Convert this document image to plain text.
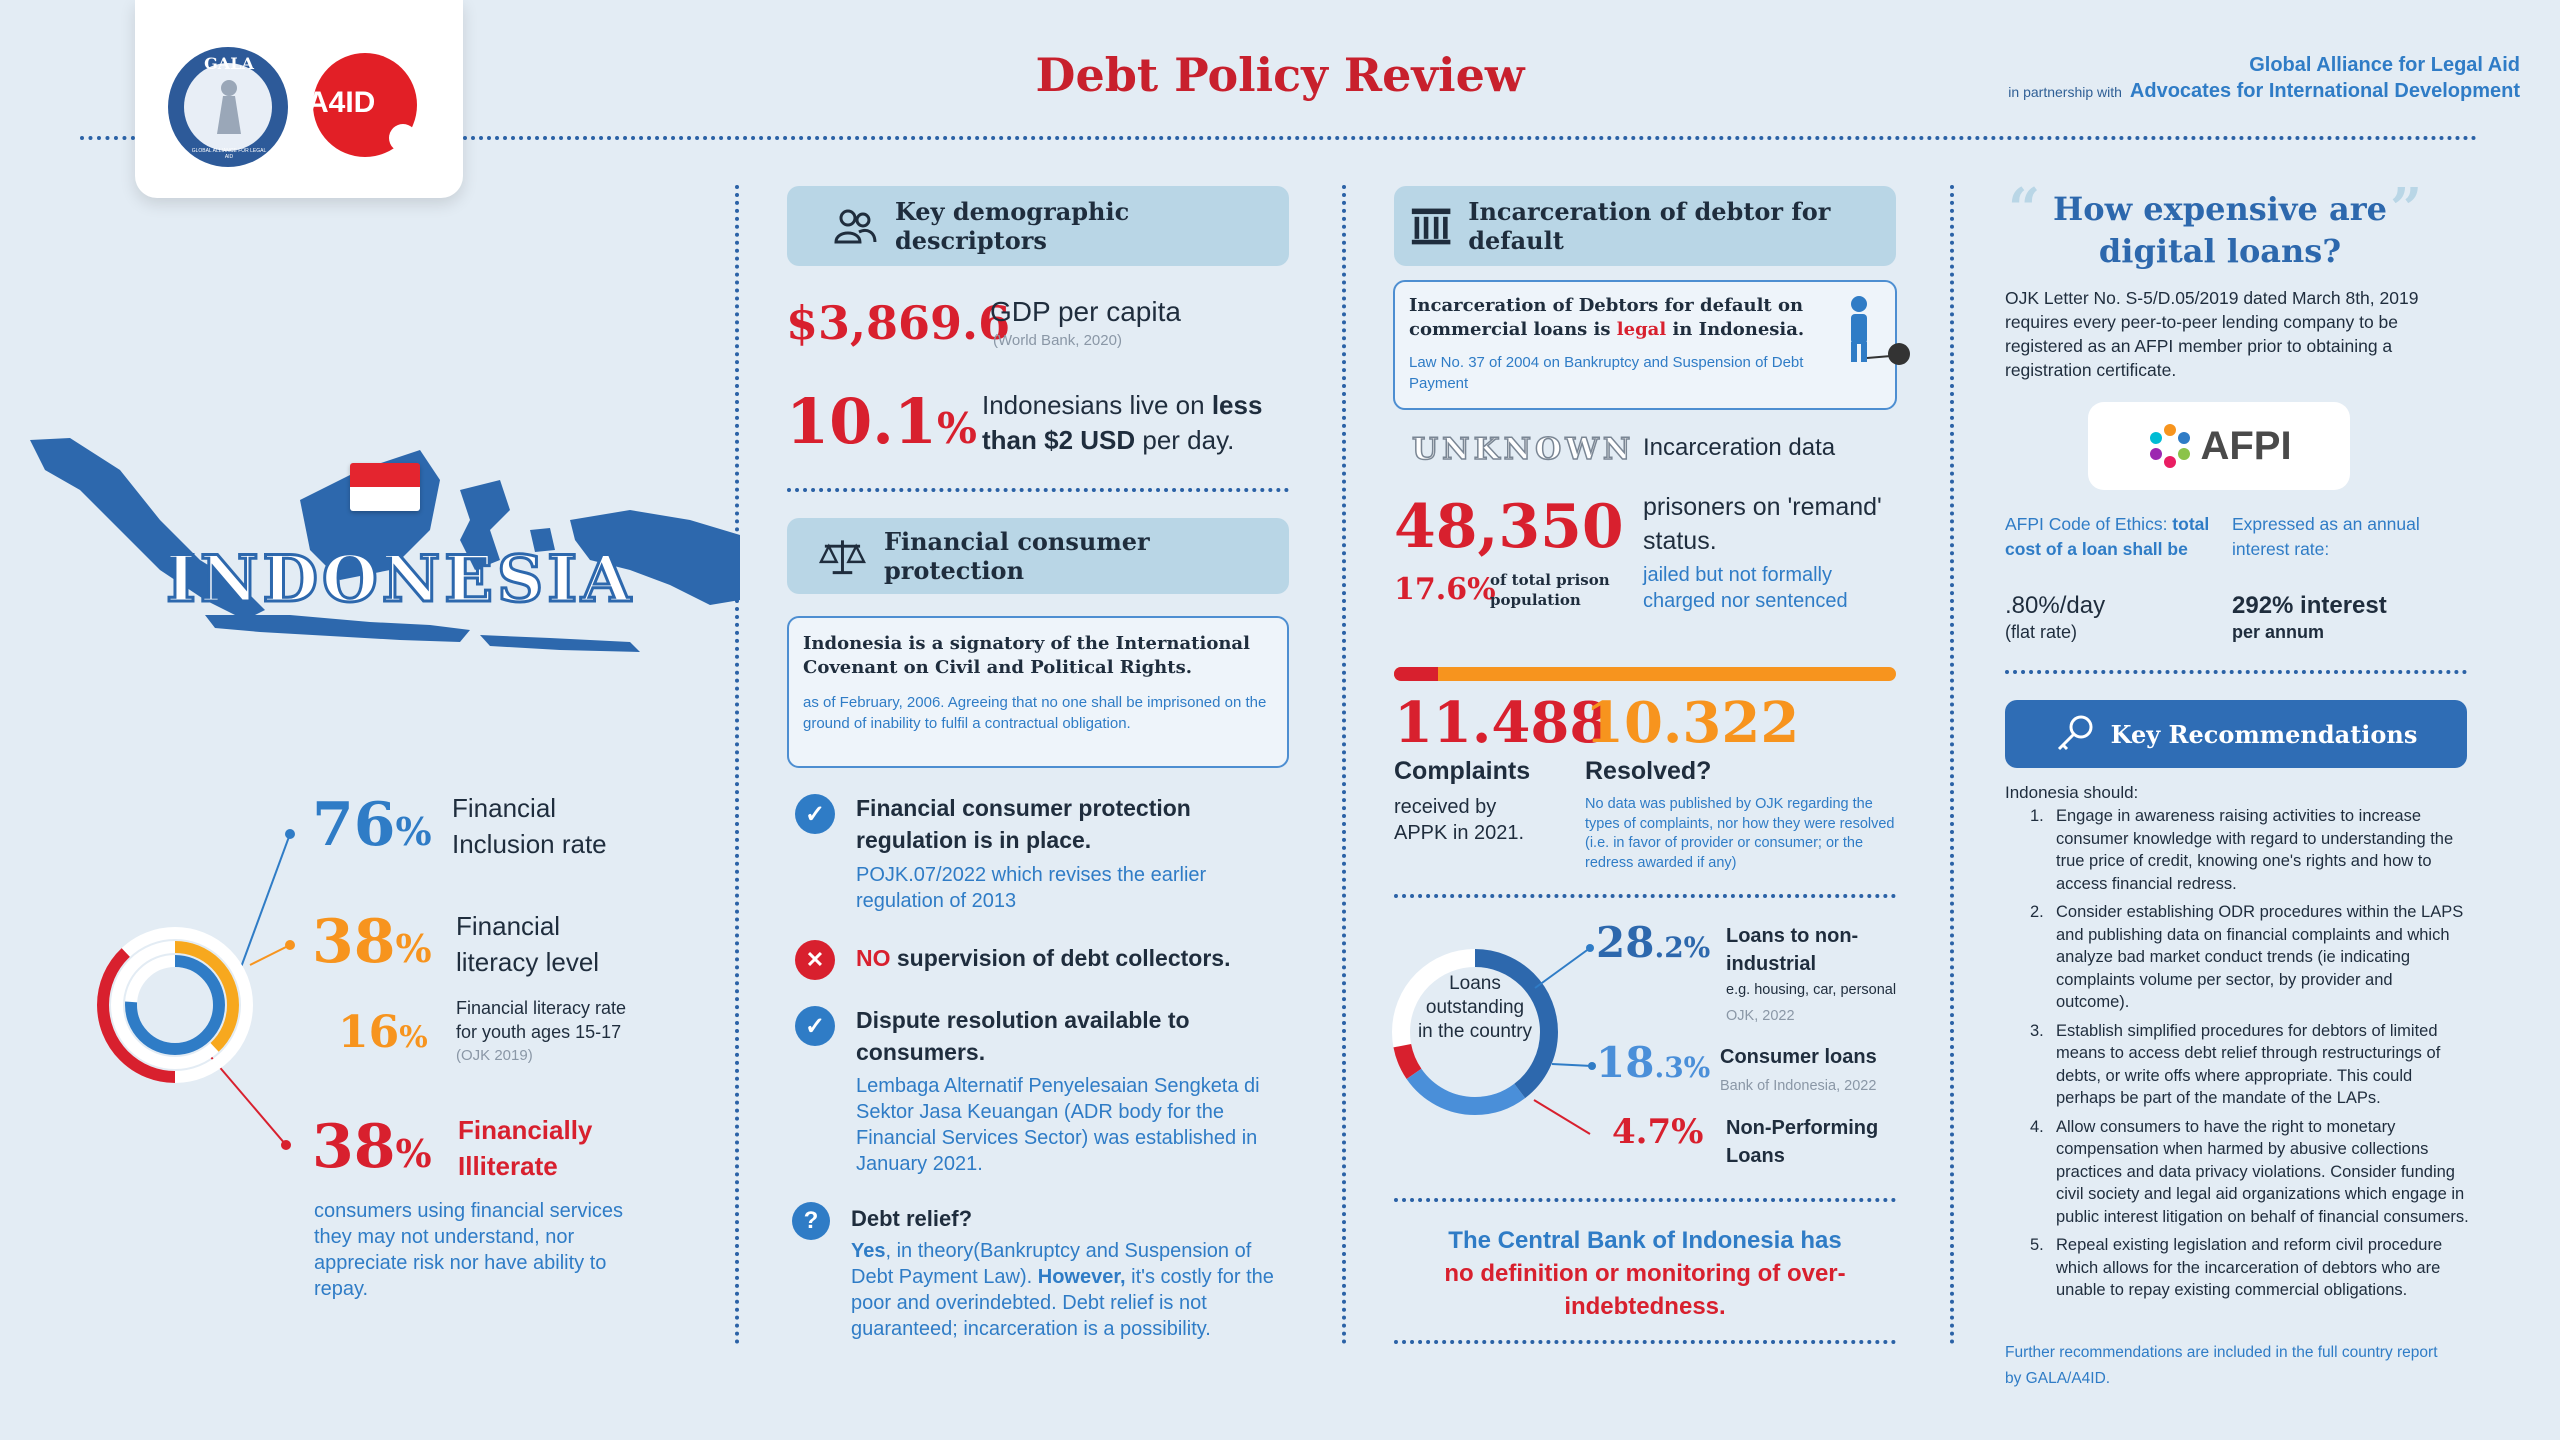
GALA
GLOBAL ALLIANCE FOR LEGAL AID
A4ID
Debt Policy Review	Global Alliance for Legal Aid
in partnership with Advocates for International Development
INDONESIA
76%
Financial
Inclusion rate
38% Financial
literacy level
16%
Financial literacy rate
for youth ages 15-17
(OJK 2019)
38%
Financially
Illiterate
consumers using financial services they may not understand, nor appreciate risk nor have ability to repay.
Key demographic descriptors
$3,869.6
GDP per capita
(World Bank, 2020)
10.1% Indonesians live on less
than $2 USD per day.
Financial consumer protection
Indonesia is a signatory of the International Covenant on Civil and Political Rights.
as of February, 2006. Agreeing that no one shall be imprisoned on the ground of inability to fulfil a contractual obligation.
✓	Financial consumer protection regulation is in place.
POJK.07/2022 which revises the earlier regulation of 2013
✕	NO supervision of debt collectors.
✓	Dispute resolution available to consumers.
Lembaga Alternatif Penyelesaian Sengketa di Sektor Jasa Keuangan (ADR body for the Financial Services Sector) was established in January 2021.
?	Debt relief?
Yes, in theory(Bankruptcy and Suspension of Debt Payment Law). However, it's costly for the poor and overindebted. Debt relief is not guaranteed; incarceration is a possibility.
Incarceration of debtor for default
Incarceration of Debtors for default on commercial loans is legal in Indonesia.
Law No. 37 of 2004 on Bankruptcy and Suspension of Debt Payment
UNKNOWN Incarceration data
48,350 prisoners on 'remand' status.
jailed but not formally charged nor sentenced
17.6%
of total prison population
11.488
Complaints
received by APPK in 2021.
10.322
Resolved?
No data was published by OJK regarding the types of complaints, nor how they were resolved (i.e. in favor of provider or consumer; or the redress awarded if any)
Loans outstanding in the country
28.2% Loans to non-industrial
e.g. housing, car, personal
OJK, 2022
18.3% Consumer loans
Bank of Indonesia, 2022
4.7% Non-Performing Loans
The Central Bank of Indonesia has
no definition or monitoring of over-indebtedness.
“	”
How expensive are digital loans?
OJK Letter No. S-5/D.05/2019 dated March 8th, 2019 requires every peer-to-peer lending company to be registered as an AFPI member prior to obtaining a registration certificate.
AFPI
AFPI Code of Ethics: total cost of a loan shall be
.80%/day
(flat rate)
Expressed as an annual interest rate:
292% interest
per annum
Key Recommendations
Indonesia should:
1. Engage in awareness raising activities to increase consumer knowledge with regard to understanding the true price of credit, knowing one's rights and how to access financial redress.
2. Consider establishing ODR procedures within the LAPS and publishing data on financial complaints and which analyze bad market conduct trends (ie indicating complaints volume per sector, by provider and outcome).
3. Establish simplified procedures for debtors of limited means to access debt relief through restructurings of debts, or write offs where appropriate. This could perhaps be part of the mandate of the LAPs.
4. Allow consumers to have the right to monetary compensation when harmed by abusive collections practices and data privacy violations. Consider funding civil society and legal aid organizations which engage in public interest litigation on behalf of financial consumers.
5. Repeal existing legislation and reform civil procedure which allows for the incarceration of debtors who are unable to repay existing commercial obligations.
Further recommendations are included in the full country report by GALA/A4ID.
